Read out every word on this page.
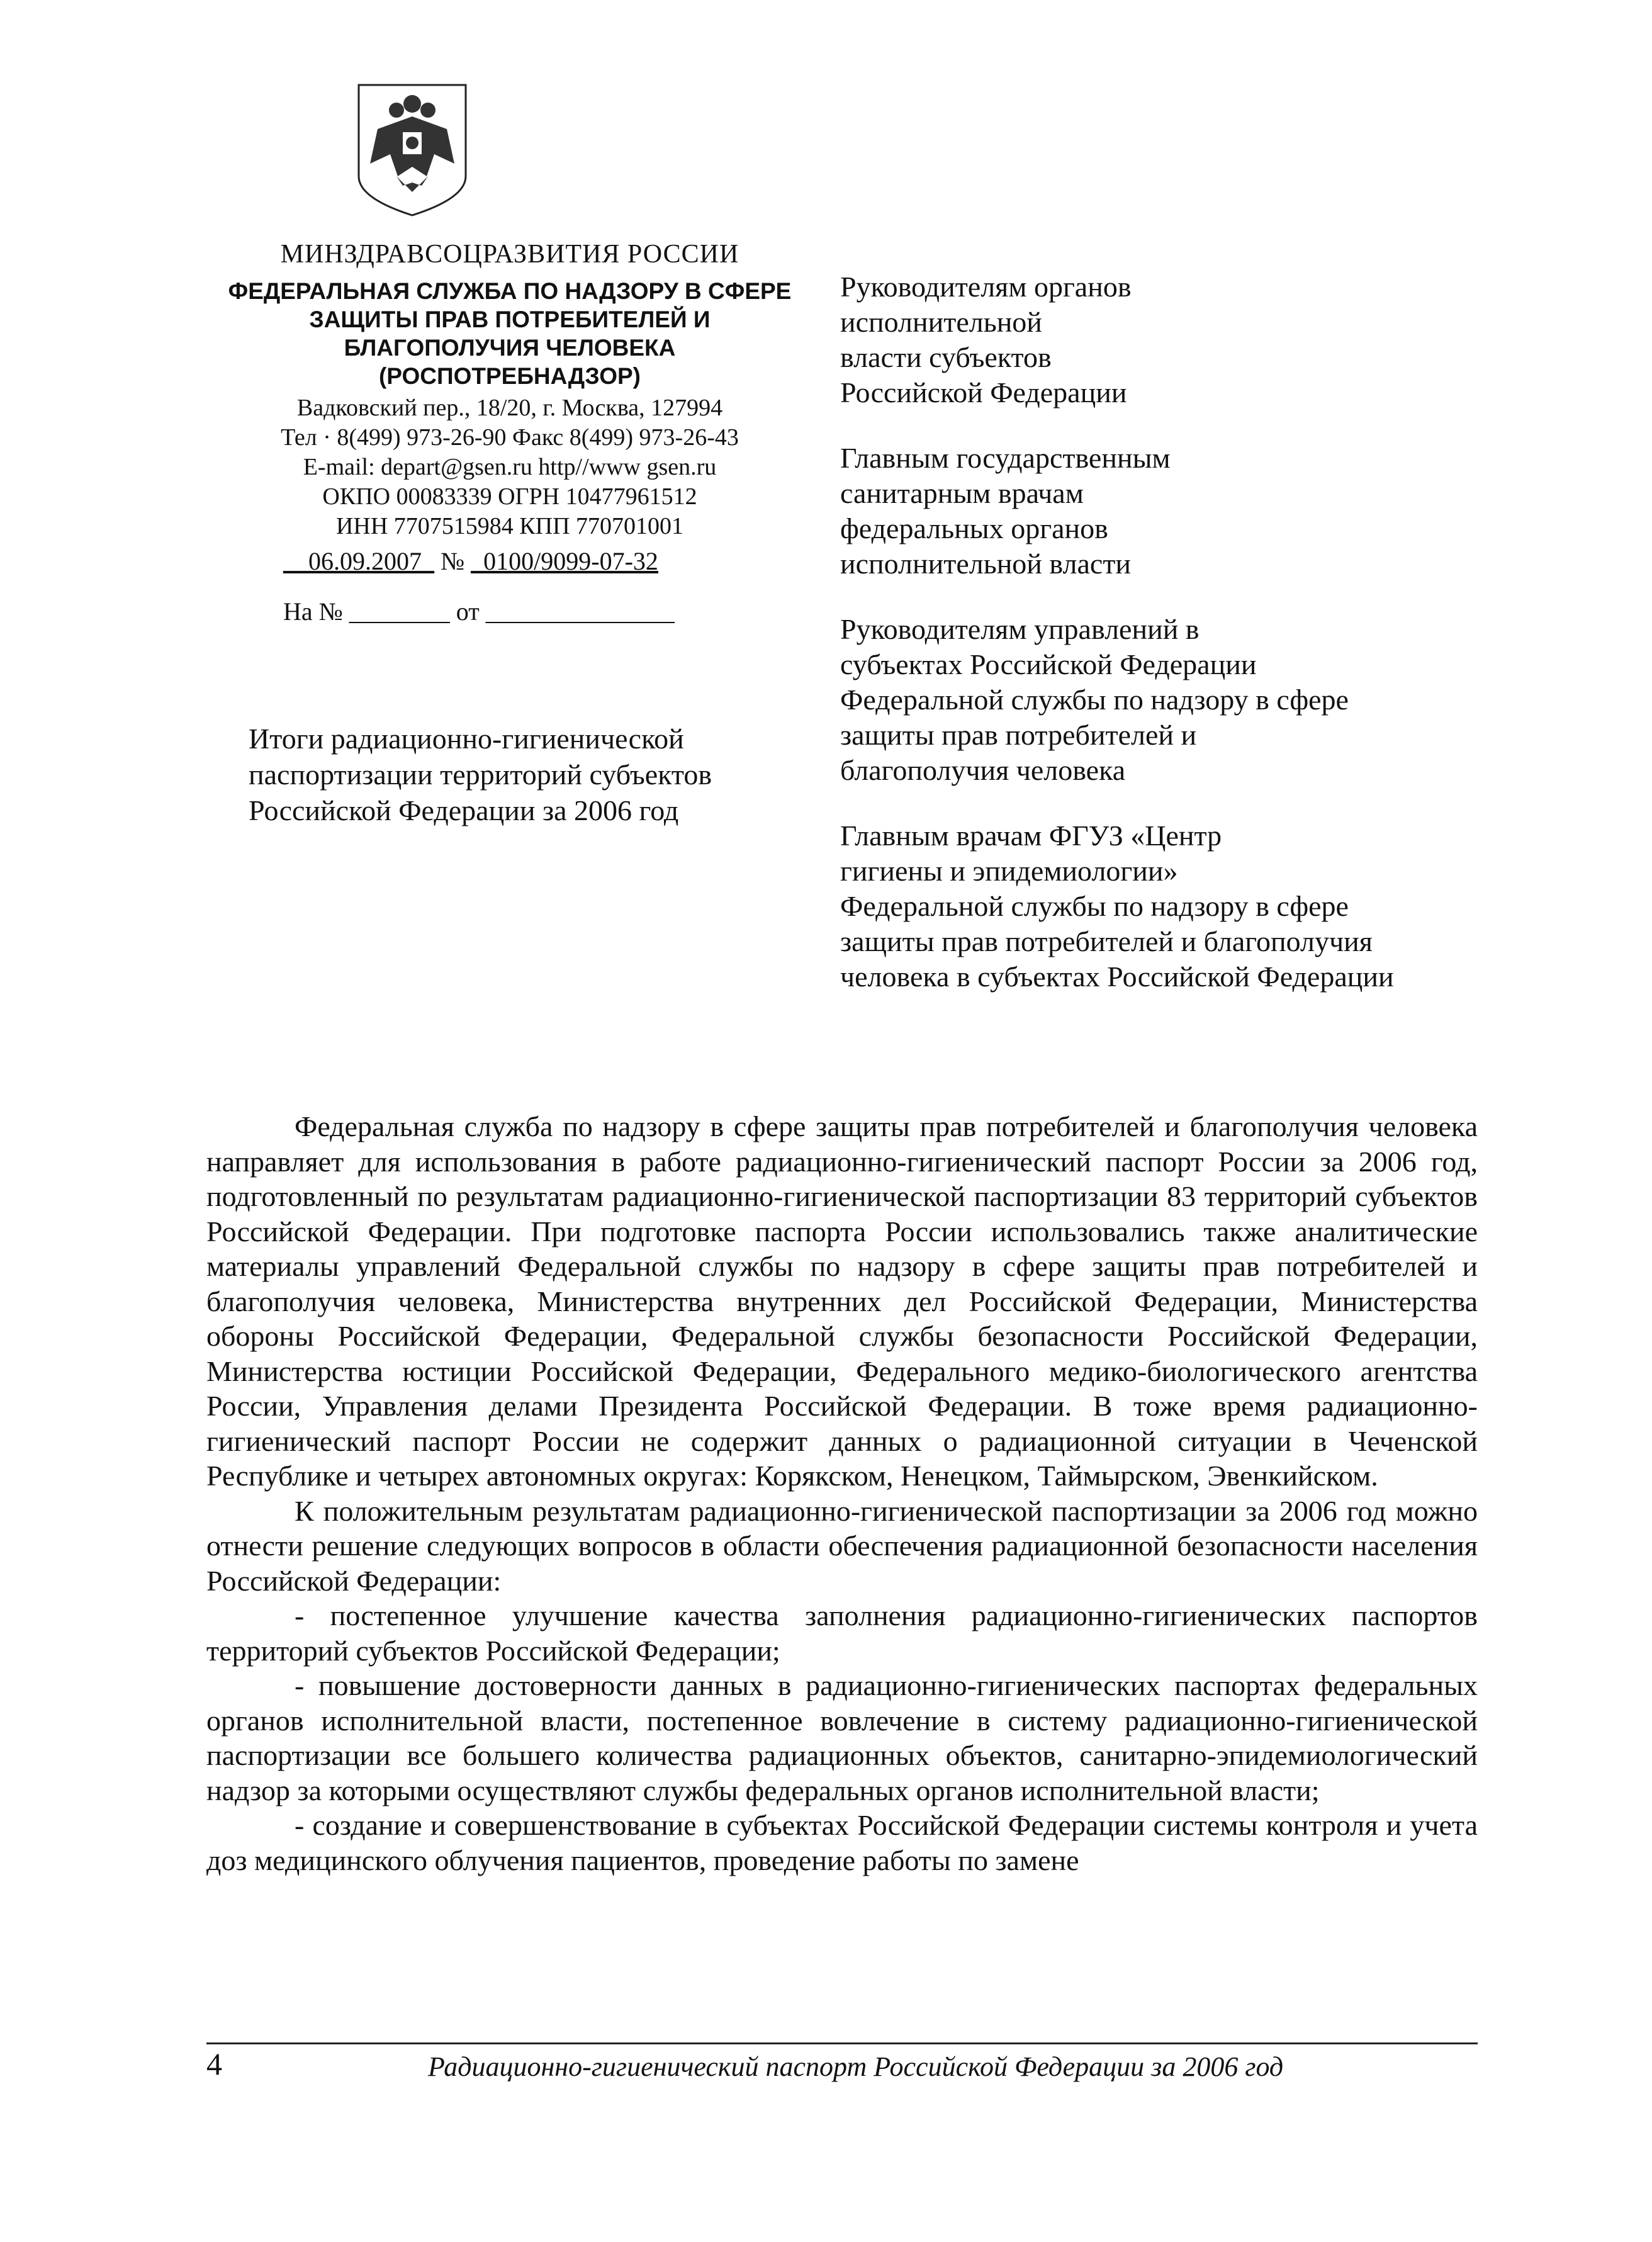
МИНЗДРАВСОЦРАЗВИТИЯ РОССИИ
ФЕДЕРАЛЬНАЯ СЛУЖБА ПО НАДЗОРУ В СФЕРЕ
ЗАЩИТЫ ПРАВ ПОТРЕБИТЕЛЕЙ И
БЛАГОПОЛУЧИЯ ЧЕЛОВЕКА
(РОСПОТРЕБНАДЗОР)
Вадковский пер., 18/20, г. Москва, 127994
Тел · 8(499) 973-26-90 Факс 8(499) 973-26-43
E-mail: depart@gsen.ru http//www gsen.ru
ОКПО 00083339 ОГРН 10477961512
ИНН 7707515984 КПП 770701001
__06.09.2007_ № _0100/9099-07-32
На № ________ от _______________
Итоги радиационно-гигиенической
паспортизации территорий субъектов
Российской Федерации за 2006 год
Руководителям органов
исполнительной
власти субъектов
Российской Федерации
Главным государственным
санитарным врачам
федеральных органов
исполнительной власти
Руководителям управлений в
субъектах Российской Федерации
Федеральной службы по надзору в сфере
защиты прав потребителей и
благополучия человека
Главным врачам ФГУЗ «Центр
гигиены и эпидемиологии»
Федеральной службы по надзору в сфере
защиты прав потребителей и благополучия
человека в субъектах Российской Федерации

Федеральная служба по надзору в сфере защиты прав потребителей и благополучия человека направляет для использования в работе радиационно-гигиенический паспорт России за 2006 год, подготовленный по результатам радиационно-гигиенической паспортизации 83 территорий субъектов Российской Федерации. При подготовке паспорта России использовались также аналитические материалы управлений Федеральной службы по надзору в сфере защиты прав потребителей и благополучия человека, Министерства внутренних дел Российской Федерации, Министерства обороны Российской Федерации, Федеральной службы безопасности Российской Федерации, Министерства юстиции Российской Федерации, Федерального медико-биологического агентства России, Управления делами Президента Российской Федерации. В тоже время радиационно-гигиенический паспорт России не содержит данных о радиационной ситуации в Чеченской Республике и четырех автономных округах: Корякском, Ненецком, Таймырском, Эвенкийском.

К положительным результатам радиационно-гигиенической паспортизации за 2006 год можно отнести решение следующих вопросов в области обеспечения радиационной безопасности населения Российской Федерации:

- постепенное улучшение качества заполнения радиационно-гигиенических паспортов территорий субъектов Российской Федерации;

- повышение достоверности данных в радиационно-гигиенических паспортах федеральных органов исполнительной власти, постепенное вовлечение в систему радиационно-гигиенической паспортизации все большего количества радиационных объектов, санитарно-эпидемиологический надзор за которыми осуществляют службы федеральных органов исполнительной власти;

- создание и совершенствование в субъектах Российской Федерации системы контроля и учета доз медицинского облучения пациентов, проведение работы по замене

4	Радиационно-гигиенический паспорт Российской Федерации за 2006 год
